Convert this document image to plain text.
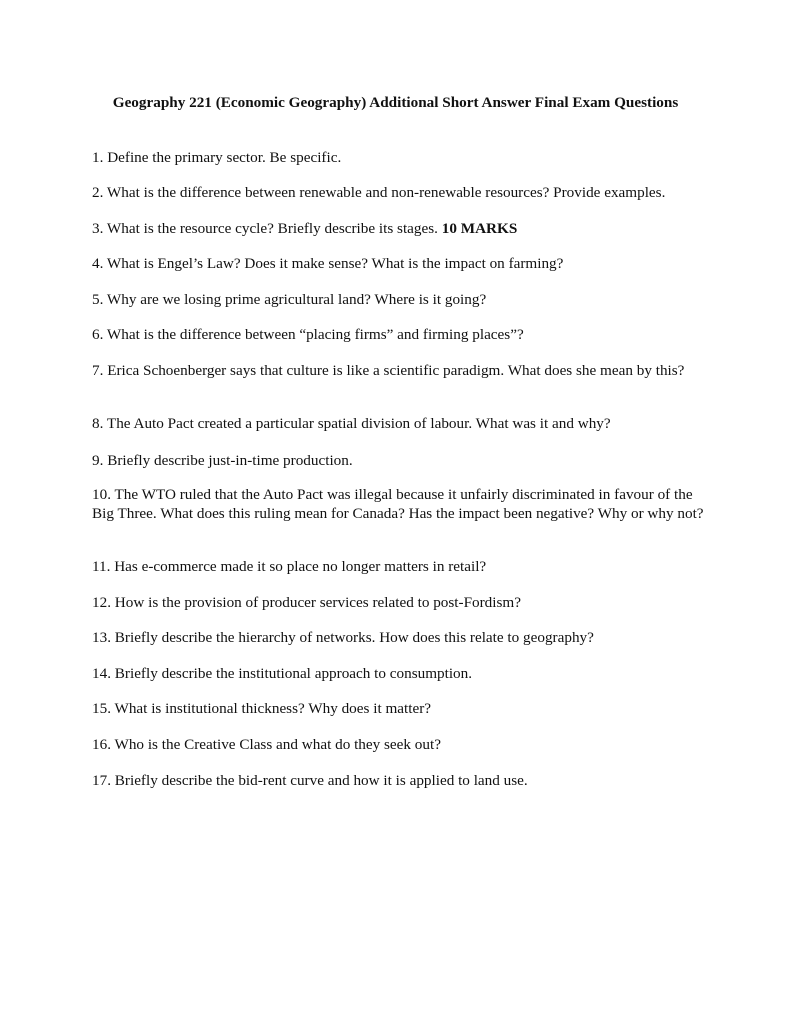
Geography 221 (Economic Geography) Additional Short Answer Final Exam Questions

1. Define the primary sector. Be specific.

2. What is the difference between renewable and non-renewable resources? Provide examples.

3. What is the resource cycle? Briefly describe its stages. 10 MARKS

4. What is Engel’s Law? Does it make sense? What is the impact on farming?

5. Why are we losing prime agricultural land? Where is it going?

6. What is the difference between “placing firms” and firming places”?

7. Erica Schoenberger says that culture is like a scientific paradigm. What does she mean by this?

8. The Auto Pact created a particular spatial division of labour. What was it and why?

9. Briefly describe just-in-time production.

10. The WTO ruled that the Auto Pact was illegal because it unfairly discriminated in favour of the Big Three. What does this ruling mean for Canada? Has the impact been negative? Why or why not?

11. Has e-commerce made it so place no longer matters in retail?

12. How is the provision of producer services related to post-Fordism?

13. Briefly describe the hierarchy of networks. How does this relate to geography?

14. Briefly describe the institutional approach to consumption.

15. What is institutional thickness? Why does it matter?

16. Who is the Creative Class and what do they seek out?

17. Briefly describe the bid-rent curve and how it is applied to land use.
